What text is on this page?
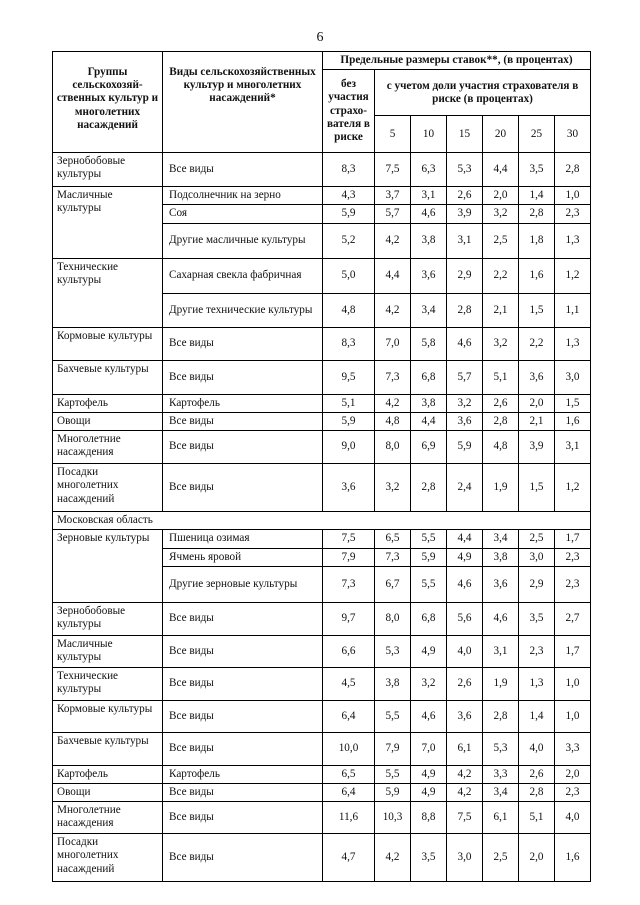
6
Группы сельскохозяй-ственных культур и многолетних насаждений	Виды сельскохозяйственных культур и многолетних насаждений*	Предельные размеры ставок**, (в процентах)						
		без участия страхо-вателя в риске	с учетом доли участия страхователя в риске (в процентах)					
			5	10	15	20	25	30
Зернобобовые культуры	Все виды	8,3	7,5	6,3	5,3	4,4	3,5	2,8
Масличные культуры	Подсолнечник на зерно	4,3	3,7	3,1	2,6	2,0	1,4	1,0
	Соя	5,9	5,7	4,6	3,9	3,2	2,8	2,3
	Другие масличные культуры	5,2	4,2	3,8	3,1	2,5	1,8	1,3
Технические культуры	Сахарная свекла фабричная	5,0	4,4	3,6	2,9	2,2	1,6	1,2
	Другие технические культуры	4,8	4,2	3,4	2,8	2,1	1,5	1,1
Кормовые культуры	Все виды	8,3	7,0	5,8	4,6	3,2	2,2	1,3
Бахчевые культуры	Все виды	9,5	7,3	6,8	5,7	5,1	3,6	3,0
Картофель	Картофель	5,1	4,2	3,8	3,2	2,6	2,0	1,5
Овощи	Все виды	5,9	4,8	4,4	3,6	2,8	2,1	1,6
Многолетние насаждения	Все виды	9,0	8,0	6,9	5,9	4,8	3,9	3,1
Посадки многолетних насаждений	Все виды	3,6	3,2	2,8	2,4	1,9	1,5	1,2
Московская область								
Зерновые культуры	Пшеница озимая	7,5	6,5	5,5	4,4	3,4	2,5	1,7
	Ячмень яровой	7,9	7,3	5,9	4,9	3,8	3,0	2,3
	Другие зерновые культуры	7,3	6,7	5,5	4,6	3,6	2,9	2,3
Зернобобовые культуры	Все виды	9,7	8,0	6,8	5,6	4,6	3,5	2,7
Масличные культуры	Все виды	6,6	5,3	4,9	4,0	3,1	2,3	1,7
Технические культуры	Все виды	4,5	3,8	3,2	2,6	1,9	1,3	1,0
Кормовые культуры	Все виды	6,4	5,5	4,6	3,6	2,8	1,4	1,0
Бахчевые культуры	Все виды	10,0	7,9	7,0	6,1	5,3	4,0	3,3
Картофель	Картофель	6,5	5,5	4,9	4,2	3,3	2,6	2,0
Овощи	Все виды	6,4	5,9	4,9	4,2	3,4	2,8	2,3
Многолетние насаждения	Все виды	11,6	10,3	8,8	7,5	6,1	5,1	4,0
Посадки многолетних насаждений	Все виды	4,7	4,2	3,5	3,0	2,5	2,0	1,6
